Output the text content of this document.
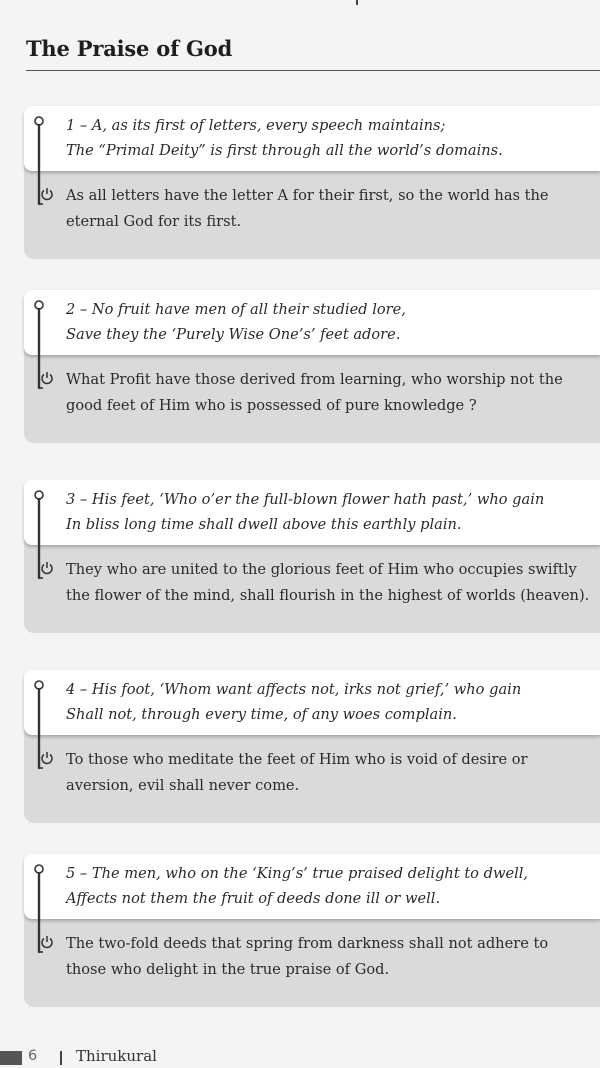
The Praise of God
1 – A, as its first of letters, every speech maintains;
The “Primal Deity” is first through all the world’s domains.
As all letters have the letter A for their first, so the world has the eternal God for its first.
2 – No fruit have men of all their studied lore,
Save they the ‘Purely Wise One’s’ feet adore.
What Profit have those derived from learning, who worship not the good feet of Him who is possessed of pure knowledge ?
3 – His feet, ‘Who o’er the full-blown flower hath past,’ who gain
In bliss long time shall dwell above this earthly plain.
They who are united to the glorious feet of Him who occupies swiftly the flower of the mind, shall flourish in the highest of worlds (heaven).
4 – His foot, ‘Whom want affects not, irks not grief,’ who gain
Shall not, through every time, of any woes complain.
To those who meditate the feet of Him who is void of desire or aversion, evil shall never come.
5 – The men, who on the ‘King’s’ true praised delight to dwell,
Affects not them the fruit of deeds done ill or well.
The two-fold deeds that spring from darkness shall not adhere to those who delight in the true praise of God.
6	Thirukural
